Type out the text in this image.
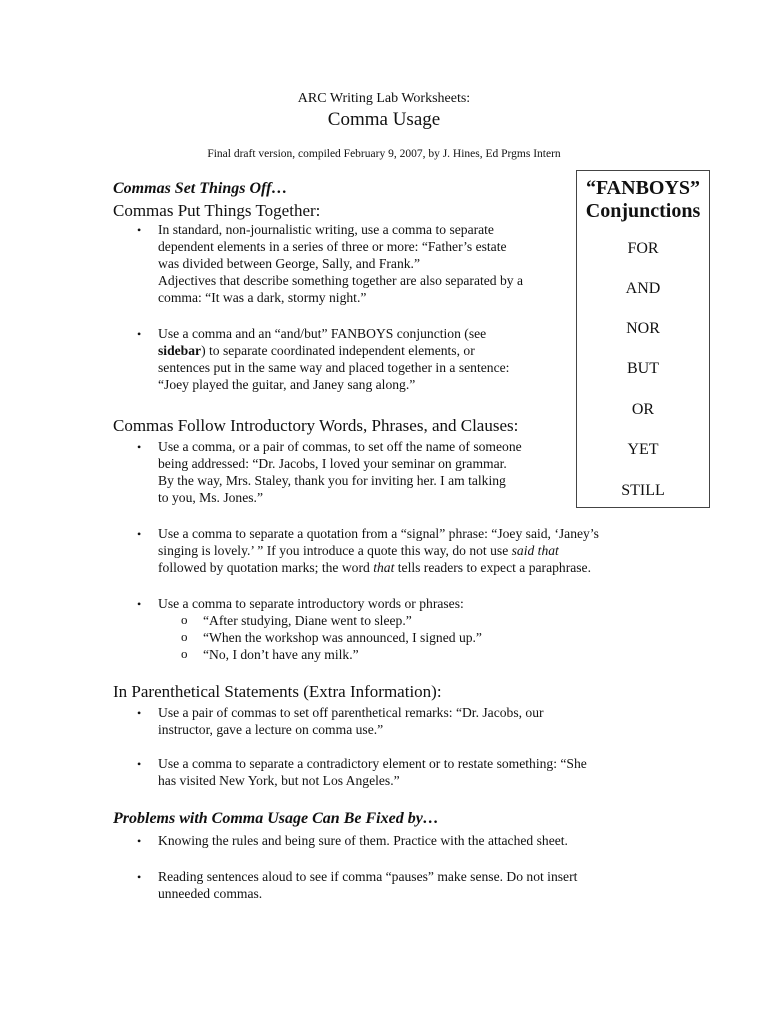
ARC Writing Lab Worksheets:
Comma Usage
Final draft version, compiled February 9, 2007, by J. Hines, Ed Prgms Intern
“FANBOYS”
Conjunctions
FOR
AND
NOR
BUT
OR
YET
STILL
Commas Set Things Off…
Commas Put Things Together:
• In standard, non-journalistic writing, use a comma to separate
dependent elements in a series of three or more: “Father’s estate
was divided between George, Sally, and Frank.”
Adjectives that describe something together are also separated by a
comma: “It was a dark, stormy night.”
• Use a comma and an “and/but” FANBOYS conjunction (see
sidebar) to separate coordinated independent elements, or
sentences put in the same way and placed together in a sentence:
“Joey played the guitar, and Janey sang along.”
Commas Follow Introductory Words, Phrases, and Clauses:
• Use a comma, or a pair of commas, to set off the name of someone
being addressed: “Dr. Jacobs, I loved your seminar on grammar.
By the way, Mrs. Staley, thank you for inviting her. I am talking
to you, Ms. Jones.”
• Use a comma to separate a quotation from a “signal” phrase: “Joey said, ‘Janey’s
singing is lovely.’ ” If you introduce a quote this way, do not use said that
followed by quotation marks; the word that tells readers to expect a paraphrase.
• Use a comma to separate introductory words or phrases:
o “After studying, Diane went to sleep.”
o “When the workshop was announced, I signed up.”
o “No, I don’t have any milk.”
In Parenthetical Statements (Extra Information):
• Use a pair of commas to set off parenthetical remarks: “Dr. Jacobs, our
instructor, gave a lecture on comma use.”
• Use a comma to separate a contradictory element or to restate something: “She
has visited New York, but not Los Angeles.”
Problems with Comma Usage Can Be Fixed by…
• Knowing the rules and being sure of them. Practice with the attached sheet.
• Reading sentences aloud to see if comma “pauses” make sense. Do not insert
unneeded commas.
